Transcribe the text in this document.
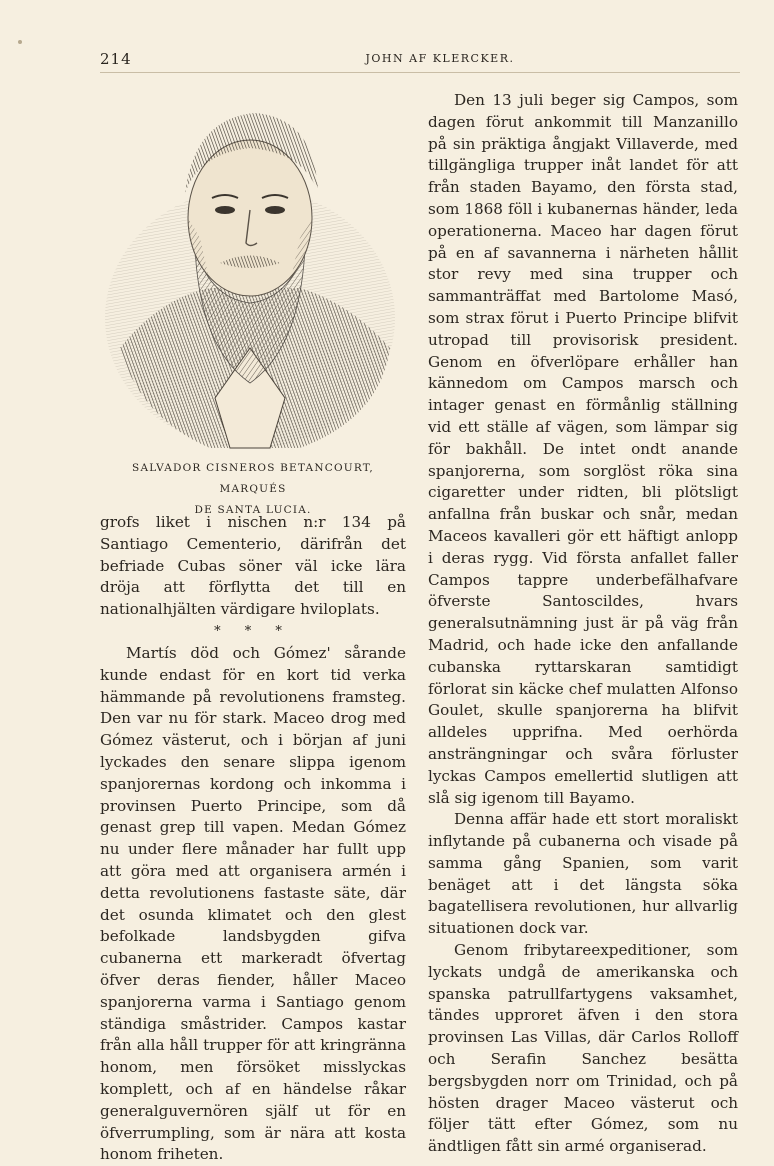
214	JOHN AF KLERCKER.
SALVADOR CISNEROS BETANCOURT, MARQUÉS
DE SANTA LUCIA.

grofs liket i nischen n:r 134 på Santiago Cementerio, därifrån det befriade Cubas söner väl icke lära dröja att förflytta det till en nationalhjälten värdigare hviloplats.

* * *

Martís död och Gómez' sårande kunde endast för en kort tid verka hämmande på revolutionens framsteg. Den var nu för stark. Maceo drog med Gómez västerut, och i början af juni lyckades den senare slippa igenom spanjorernas kordong och inkomma i provinsen Puerto Principe, som då genast grep till vapen. Medan Gómez nu under flere månader har fullt upp att göra med att organisera armén i detta revolutionens fastaste säte, där det osunda klimatet och den glest befolkade landsbygden gifva cubanerna ett markeradt öfvertag öfver deras fiender, håller Maceo spanjorerna varma i Santiago genom ständiga småstrider. Campos kastar från alla håll trupper för att kringränna honom, men försöket misslyckas komplett, och af en händelse råkar generalguvernören själf ut för en öfverrumpling, som är nära att kosta honom friheten.

Den 13 juli beger sig Campos, som dagen förut ankommit till Manzanillo på sin präktiga ångjakt Villaverde, med tillgängliga trupper inåt landet för att från staden Bayamo, den första stad, som 1868 föll i kubanernas händer, leda operationerna. Maceo har dagen förut på en af savannerna i närheten hållit stor revy med sina trupper och sammanträffat med Bartolome Masó, som strax förut i Puerto Principe blifvit utropad till provisorisk president. Genom en öfverlöpare erhåller han kännedom om Campos marsch och intager genast en förmånlig ställning vid ett ställe af vägen, som lämpar sig för bakhåll. De intet ondt anande spanjorerna, som sorglöst röka sina cigaretter under ridten, bli plötsligt anfallna från buskar och snår, medan Maceos kavalleri gör ett häftigt anlopp i deras rygg. Vid första anfallet faller Campos tappre underbefälhafvare öfverste Santoscildes, hvars generalsutnämning just är på väg från Madrid, och hade icke den anfallande cubanska ryttarskaran samtidigt förlorat sin käcke chef mulatten Alfonso Goulet, skulle spanjorerna ha blifvit alldeles upprifna. Med oerhörda ansträngningar och svåra förluster lyckas Campos emellertid slutligen att slå sig igenom till Bayamo.

Denna affär hade ett stort moraliskt inflytande på cubanerna och visade på samma gång Spanien, som varit benäget att i det längsta söka bagatellisera revolutionen, hur allvarlig situationen dock var.

Genom fribytareexpeditioner, som lyckats undgå de amerikanska och spanska patrullfartygens vaksamhet, tändes upproret äfven i den stora provinsen Las Villas, där Carlos Rolloff och Serafin Sanchez besätta bergsbygden norr om Trinidad, och på hösten drager Maceo västerut och följer tätt efter Gómez, som nu ändtligen fått sin armé organiserad.
